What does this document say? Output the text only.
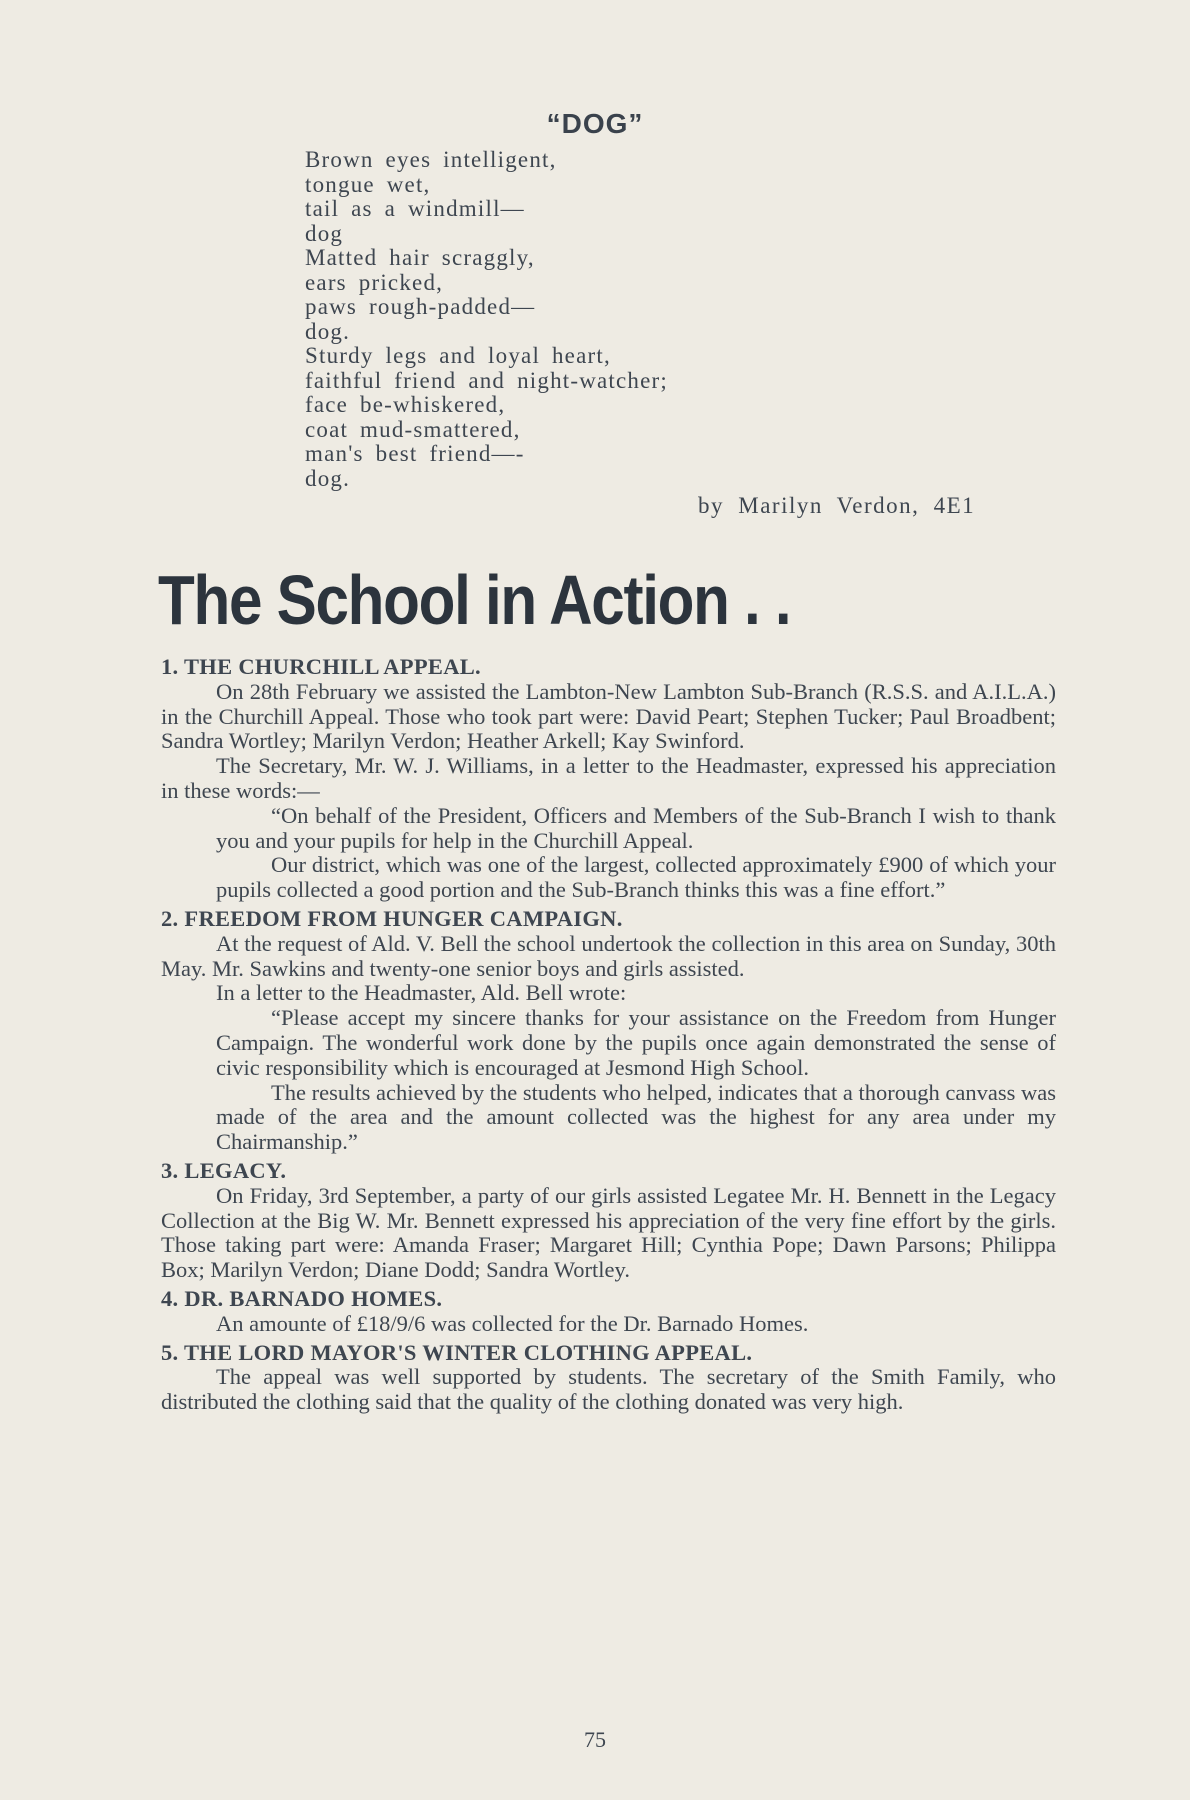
“DOG”
Brown eyes intelligent,
tongue wet,
tail as a windmill—
dog
Matted hair scraggly,
ears pricked,
paws rough-padded—
dog.
Sturdy legs and loyal heart,
faithful friend and night-watcher;
face be-whiskered,
coat mud-smattered,
man's best friend—-
dog.
by Marilyn Verdon, 4E1
The School in Action . .

1. THE CHURCHILL APPEAL.

On 28th February we assisted the Lambton-New Lambton Sub-Branch (R.S.S. and A.I.L.A.) in the Churchill Appeal. Those who took part were: David Peart; Stephen Tucker; Paul Broadbent; Sandra Wortley; Marilyn Verdon; Heather Arkell; Kay Swinford.

The Secretary, Mr. W. J. Williams, in a letter to the Headmaster, expressed his appreciation in these words:—

“On behalf of the President, Officers and Members of the Sub-Branch I wish to thank you and your pupils for help in the Churchill Appeal.

Our district, which was one of the largest, collected approximately £900 of which your pupils collected a good portion and the Sub-Branch thinks this was a fine effort.”

2. FREEDOM FROM HUNGER CAMPAIGN.

At the request of Ald. V. Bell the school undertook the collection in this area on Sunday, 30th May. Mr. Sawkins and twenty-one senior boys and girls assisted.

In a letter to the Headmaster, Ald. Bell wrote:

“Please accept my sincere thanks for your assistance on the Freedom from Hunger Campaign. The wonderful work done by the pupils once again demonstrated the sense of civic responsibility which is encouraged at Jesmond High School.

The results achieved by the students who helped, indicates that a thorough canvass was made of the area and the amount collected was the highest for any area under my Chairmanship.”

3. LEGACY.

On Friday, 3rd September, a party of our girls assisted Legatee Mr. H. Bennett in the Legacy Collection at the Big W. Mr. Bennett expressed his appreciation of the very fine effort by the girls. Those taking part were: Amanda Fraser; Margaret Hill; Cynthia Pope; Dawn Parsons; Philippa Box; Marilyn Verdon; Diane Dodd; Sandra Wortley.

4. DR. BARNADO HOMES.

An amounte of £18/9/6 was collected for the Dr. Barnado Homes.

5. THE LORD MAYOR'S WINTER CLOTHING APPEAL.

The appeal was well supported by students. The secretary of the Smith Family, who distributed the clothing said that the quality of the clothing donated was very high.

75
